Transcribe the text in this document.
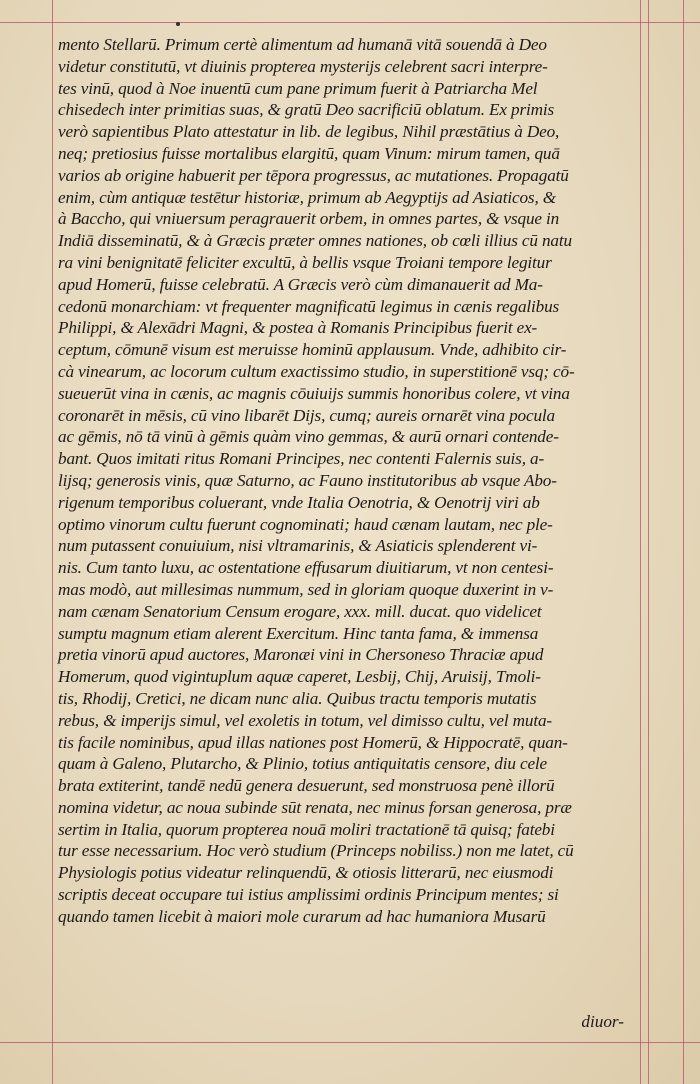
mento Stellarū. Primum certè alimentum ad humanā vitā souendā à Deo
videtur constitutū, vt diuinis propterea mysterijs celebrent sacri interpre-
tes vinū, quod à Noe inuentū cum pane primum fuerit à Patriarcha Mel
chisedech inter primitias suas, & gratū Deo sacrificiū oblatum. Ex primis
verò sapientibus Plato attestatur in lib. de legibus, Nihil præstātius à Deo,
neq; pretiosius fuisse mortalibus elargitū, quam Vinum: mirum tamen, quā
varios ab origine habuerit per tēpora progressus, ac mutationes. Propagatū
enim, cùm antiquæ testētur historiæ, primum ab Aegyptijs ad Asiaticos, &
à Baccho, qui vniuersum peragrauerit orbem, in omnes partes, & vsque in
Indiā disseminatū, & à Græcis præter omnes nationes, ob cœli illius cū natu
ra vini benignitatē feliciter excultū, à bellis vsque Troiani tempore legitur
apud Homerū, fuisse celebratū. A Græcis verò cùm dimanauerit ad Ma-
cedonū monarchiam: vt frequenter magnificatū legimus in cænis regalibus
Philippi, & Alexādri Magni, & postea à Romanis Principibus fuerit ex-
ceptum, cōmunē visum est meruisse hominū applausum. Vnde, adhibito cir-
cà vinearum, ac locorum cultum exactissimo studio, in superstitionē vsq; cō-
sueuerūt vina in cænis, ac magnis cōuiuijs summis honoribus colere, vt vina
coronarēt in mēsis, cū vino libarēt Dijs, cumq; aureis ornarēt vina pocula
ac gēmis, nō tā vinū à gēmis quàm vino gemmas, & aurū ornari contende-
bant. Quos imitati ritus Romani Principes, nec contenti Falernis suis, a-
lijsq; generosis vinis, quæ Saturno, ac Fauno institutoribus ab vsque Abo-
rigenum temporibus coluerant, vnde Italia Oenotria, & Oenotrij viri ab
optimo vinorum cultu fuerunt cognominati; haud cænam lautam, nec ple-
num putassent conuiuium, nisi vltramarinis, & Asiaticis splenderent vi-
nis. Cum tanto luxu, ac ostentatione effusarum diuitiarum, vt non centesi-
mas modò, aut millesimas nummum, sed in gloriam quoque duxerint in v-
nam cænam Senatorium Censum erogare, xxx. mill. ducat. quo videlicet
sumptu magnum etiam alerent Exercitum. Hinc tanta fama, & immensa
pretia vinorū apud auctores, Maronæi vini in Chersoneso Thraciæ apud
Homerum, quod vigintuplum aquæ caperet, Lesbij, Chij, Aruisij, Tmoli-
tis, Rhodij, Cretici, ne dicam nunc alia. Quibus tractu temporis mutatis
rebus, & imperijs simul, vel exoletis in totum, vel dimisso cultu, vel muta-
tis facile nominibus, apud illas nationes post Homerū, & Hippocratē, quan-
quam à Galeno, Plutarcho, & Plinio, totius antiquitatis censore, diu cele
brata extiterint, tandē nedū genera desuerunt, sed monstruosa penè illorū
nomina videtur, ac noua subinde sūt renata, nec minus forsan generosa, præ
sertim in Italia, quorum propterea nouā moliri tractationē tā quisq; fatebi
tur esse necessarium. Hoc verò studium (Princeps nobiliss.) non me latet, cū
Physiologis potius videatur relinquendū, & otiosis litterarū, nec eiusmodi
scriptis deceat occupare tui istius amplissimi ordinis Principum mentes; si
quando tamen licebit à maiori mole curarum ad hac humaniora Musarū
diuor-
